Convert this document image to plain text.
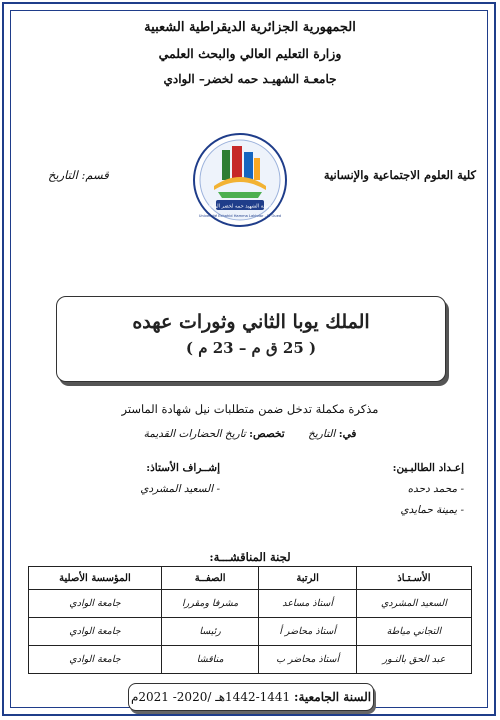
الجمهورية الجزائرية الديقراطية الشعبية
وزارة التعليم العالي والبحث العلمي
جامعـة الشهيـد حمه لخضر– الوادي
كلية العلوم الاجتماعية والإنسانية
قسم: التاريخ
جامعة الشهيد حمه لخضر الوادي
Université Echahid Hamma Lakhdar - El Oued
الملك يوبا الثاني وثورات عهده
( 25 ق م – 23 م )
مذكرة مكملة تدخل ضمن متطلبات نيل شهادة الماستر
في: التاريخ       تخصص: تاريخ الحضارات القديمة
إعـداد الطالبـين:
- محمد دحده
- يمينة حمايدي
إشــراف الأستاذ:
- السعيد المشردي
لجنة المناقشـــة:
الأسـتـاذ	الرتبة	الصفــة	المؤسسة الأصلية
السعيد المشردي	أستاذ مساعد	مشرفا ومقررا	جامعة الوادي
التجاني مياطة	أستاذ محاضر أ	رئيسا	جامعة الوادي
عبد الحق بالنـور	أستاذ محاضر ب	مناقشا	جامعة الوادي
السنة الجامعية: 1441-1442هـ /2020- 2021م
